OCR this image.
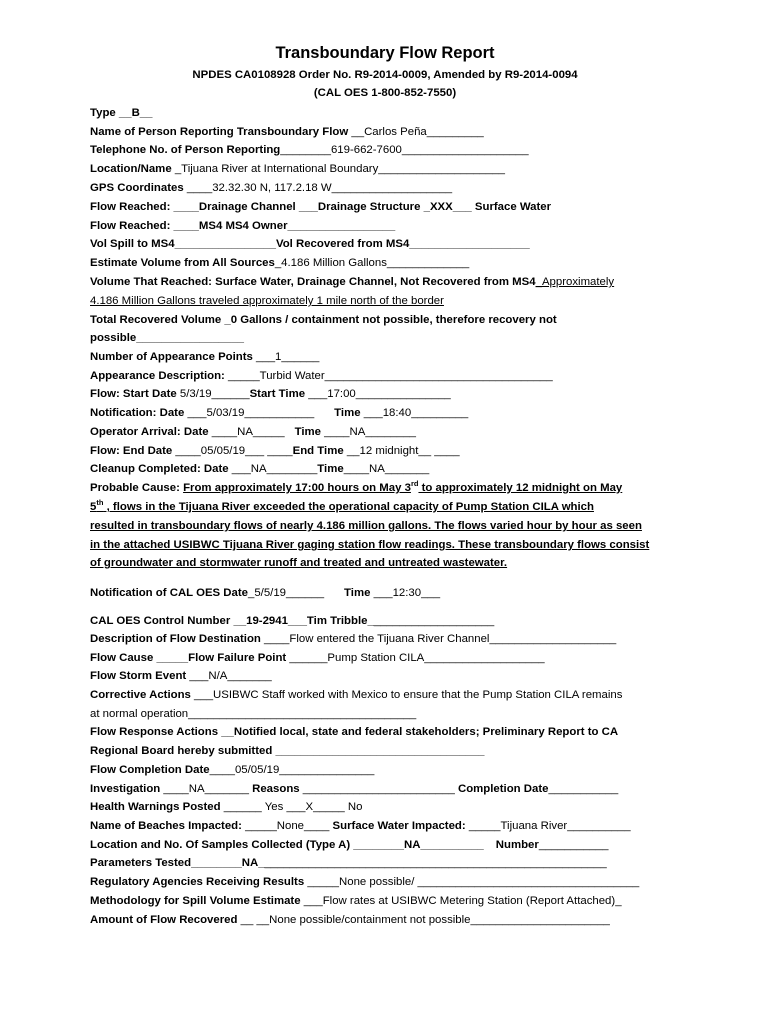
Transboundary Flow Report
NPDES CA0108928 Order No. R9-2014-0009, Amended by R9-2014-0094
(CAL OES 1-800-852-7550)
Type __B__
Name of Person Reporting Transboundary Flow __Carlos Peña_________
Telephone No. of Person Reporting________619-662-7600____________________
Location/Name _Tijuana River at International Boundary____________________
GPS Coordinates ____32.32.30 N, 117.2.18 W___________________
Flow Reached: ____Drainage Channel ___Drainage Structure _XXX___ Surface Water
Flow Reached: ____MS4 MS4 Owner_________________
Vol Spill to MS4________________Vol Recovered from MS4___________________
Estimate Volume from All Sources_4.186 Million Gallons_____________
Volume That Reached: Surface Water, Drainage Channel, Not Recovered from MS4_Approximately
4.186 Million Gallons traveled approximately 1 mile north of the border
Total Recovered Volume _0 Gallons / containment not possible, therefore recovery not
possible_________________
Number of Appearance Points ___1______
Appearance Description: _____Turbid Water____________________________________
Flow: Start Date 5/3/19______Start Time ___17:00_______________
Notification: Date ___5/03/19___________ Time ___18:40_________
Operator Arrival: Date ____NA_____ Time ____NA________
Flow: End Date ____05/05/19___ ____End Time __12 midnight__ ____
Cleanup Completed: Date ___NA________Time____NA_______
Probable Cause: From approximately 17:00 hours on May 3rd to approximately 12 midnight on May
5th , flows in the Tijuana River exceeded the operational capacity of Pump Station CILA which
resulted in transboundary flows of nearly 4.186 million gallons. The flows varied hour by hour as seen
in the attached USIBWC Tijuana River gaging station flow readings. These transboundary flows consist
of groundwater and stormwater runoff and treated and untreated wastewater.
Notification of CAL OES Date_5/5/19______ Time ___12:30___
CAL OES Control Number __19-2941___Tim Tribble____________________
Description of Flow Destination ____Flow entered the Tijuana River Channel____________________
Flow Cause _____Flow Failure Point ______Pump Station CILA___________________
Flow Storm Event ___N/A_______
Corrective Actions ___USIBWC Staff worked with Mexico to ensure that the Pump Station CILA remains
at normal operation____________________________________
Flow Response Actions __Notified local, state and federal stakeholders; Preliminary Report to CA
Regional Board hereby submitted _________________________________
Flow Completion Date____05/05/19_______________
Investigation ____NA_______ Reasons ________________________ Completion Date___________
Health Warnings Posted ______ Yes ___X_____ No
Name of Beaches Impacted: _____None____ Surface Water Impacted: _____Tijuana River__________
Location and No. Of Samples Collected (Type A) ________NA__________ Number___________
Parameters Tested________NA_______________________________________________________
Regulatory Agencies Receiving Results _____None possible/ ___________________________________
Methodology for Spill Volume Estimate ___Flow rates at USIBWC Metering Station (Report Attached)_
Amount of Flow Recovered __ __None possible/containment not possible______________________
